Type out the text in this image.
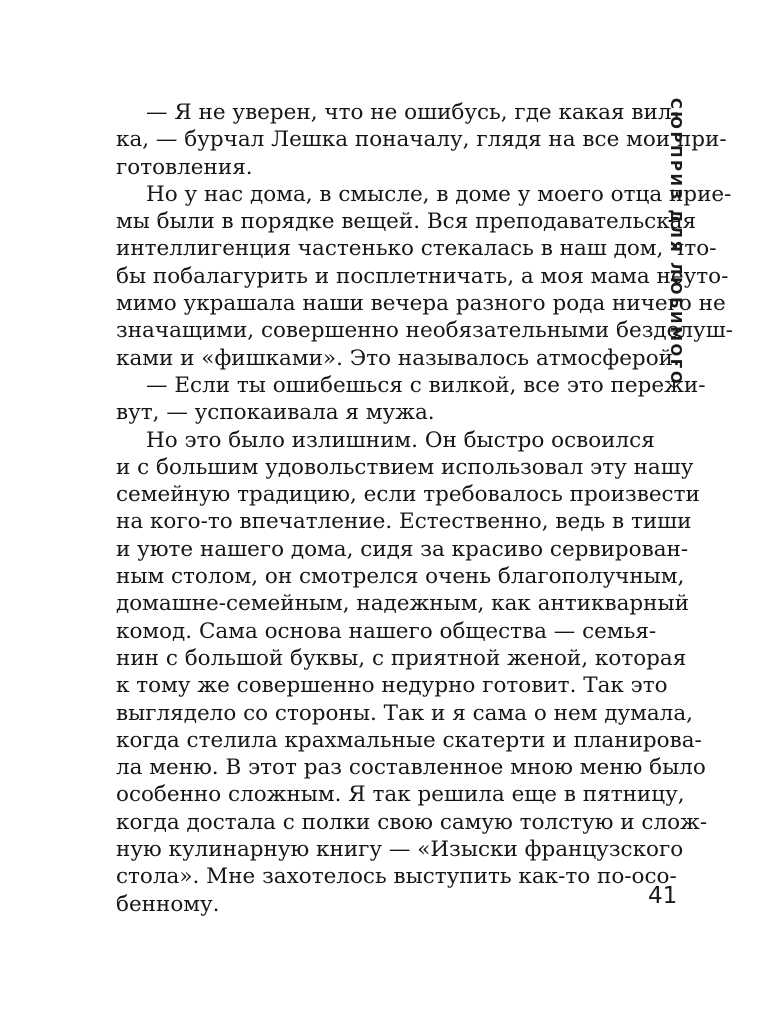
— Я не уверен, что не ошибусь, где какая вил-
ка, — бурчал Лешка поначалу, глядя на все мои при-
готовления.
Но у нас дома, в смысле, в доме у моего отца прие-
мы были в порядке вещей. Вся преподавательская
интеллигенция частенько стекалась в наш дом, что-
бы побалагурить и посплетничать, а моя мама неуто-
мимо украшала наши вечера разного рода ничего не
значащими, совершенно необязательными безделуш-
ками и «фишками». Это называлось атмосферой.
— Если ты ошибешься с вилкой, все это пережи-
вут, — успокаивала я мужа.
Но это было излишним. Он быстро освоился
и с большим удовольствием использовал эту нашу
семейную традицию, если требовалось произвести
на кого-то впечатление. Естественно, ведь в тиши
и уюте нашего дома, сидя за красиво сервирован-
ным столом, он смотрелся очень благополучным,
домашне-семейным, надежным, как антикварный
комод. Сама основа нашего общества — семья-
нин с большой буквы, с приятной женой, которая
к тому же совершенно недурно готовит. Так это
выглядело со стороны. Так и я сама о нем думала,
когда стелила крахмальные скатерти и планирова-
ла меню. В этот раз составленное мною меню было
особенно сложным. Я так решила еще в пятницу,
когда достала с полки свою самую толстую и слож-
ную кулинарную книгу — «Изыски французского
стола». Мне захотелось выступить как-то по-осо-
бенному.
СЮРПРИЗ ДЛЯ ЛЮБИМОГО
41
